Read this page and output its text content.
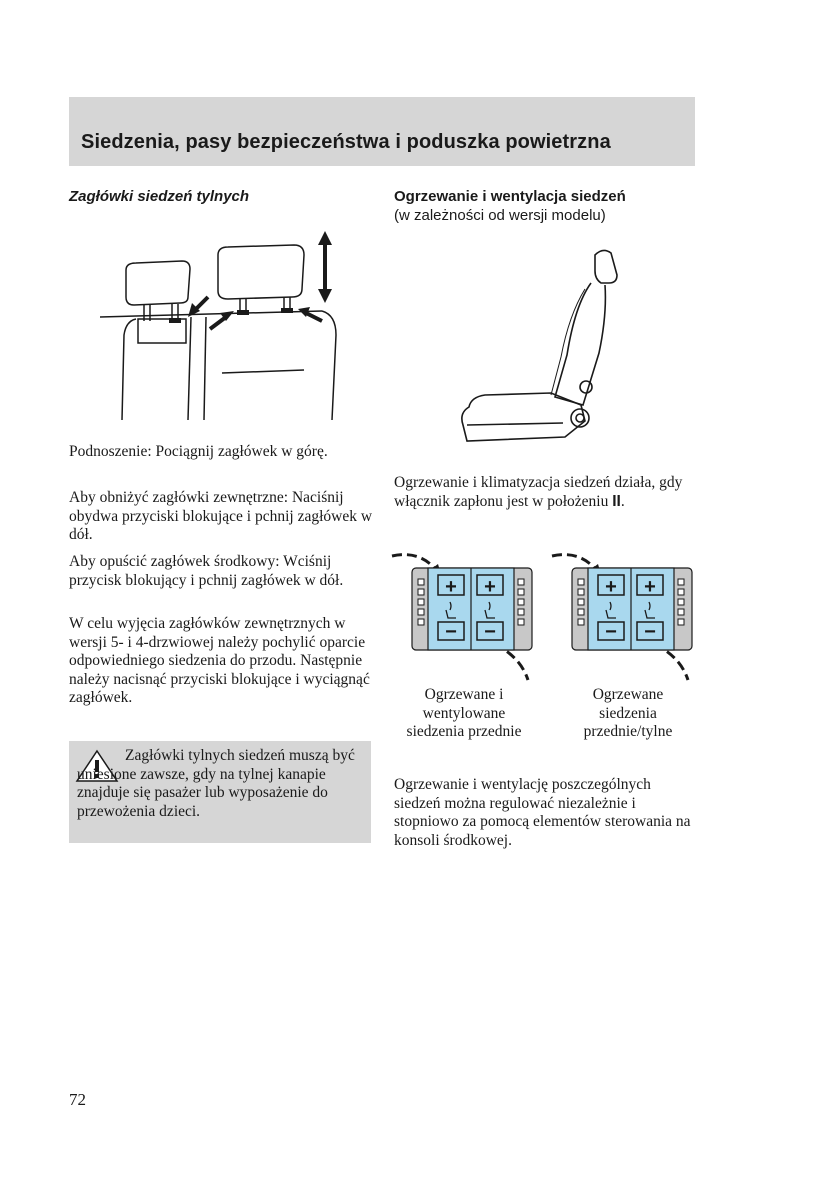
Siedzenia, pasy bezpieczeństwa i poduszka powietrzna
Zagłówki siedzeń tylnych

Podnoszenie: Pociągnij zagłówek w górę.

Aby obniżyć zagłówki zewnętrzne: Naciśnij obydwa przyciski blokujące i pchnij zagłówek w dół.

Aby opuścić zagłówek środkowy: Wciśnij przycisk blokujący i pchnij zagłówek w dół.

W celu wyjęcia zagłówków zewnętrznych w wersji 5- i 4-drzwiowej należy pochylić oparcie odpowiedniego siedzenia do przodu. Następnie należy nacisnąć przyciski blokujące i wyciągnąć zagłówek.

Zagłówki tylnych siedzeń muszą być uniesione zawsze, gdy na tylnej kanapie znajduje się pasażer lub wyposażenie do przewożenia dzieci.

Ogrzewanie i wentylacja siedzeń

(w zależności od wersji modelu)

Ogrzewanie i klimatyzacja siedzeń działa, gdy włącznik zapłonu jest w położeniu II.

+ +
− −
+ +
− −

Ogrzewane i wentylowane siedzenia przednie

Ogrzewane siedzenia przednie/tylne

Ogrzewanie i wentylację poszczególnych siedzeń można regulować niezależnie i stopniowo za pomocą elementów sterowania na konsoli środkowej.

72
